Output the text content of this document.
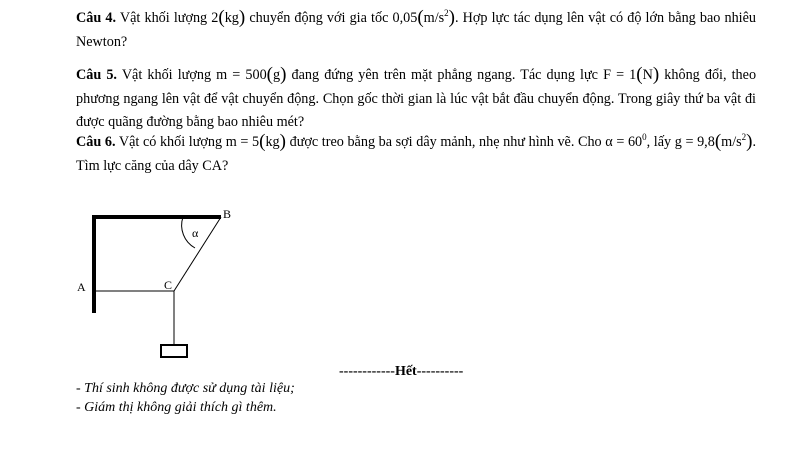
Câu 4. Vật khối lượng 2(kg) chuyển động với gia tốc $0,05(m/s^2)$. Hợp lực tác dụng lên vật có độ lớn bằng bao nhiêu Newton?
Câu 5. Vật khối lượng m = 500(g) đang đứng yên trên mặt phẳng ngang. Tác dụng lực F = 1(N) không đổi, theo phương ngang lên vật để vật chuyển động. Chọn gốc thời gian là lúc vật bắt đầu chuyển động. Trong giây thứ ba vật đi được quãng đường bằng bao nhiêu mét?
Câu 6. Vật có khối lượng m = 5(kg) được treo bằng ba sợi dây mảnh, nhẹ như hình vẽ. Cho $\alpha = 60^0$, lấy $g = 9,8(m/s^2)$. Tìm lực căng của dây CA?
A
B
C
α
------------Hết----------
- Thí sinh không được sử dụng tài liệu;
- Giám thị không giải thích gì thêm.
